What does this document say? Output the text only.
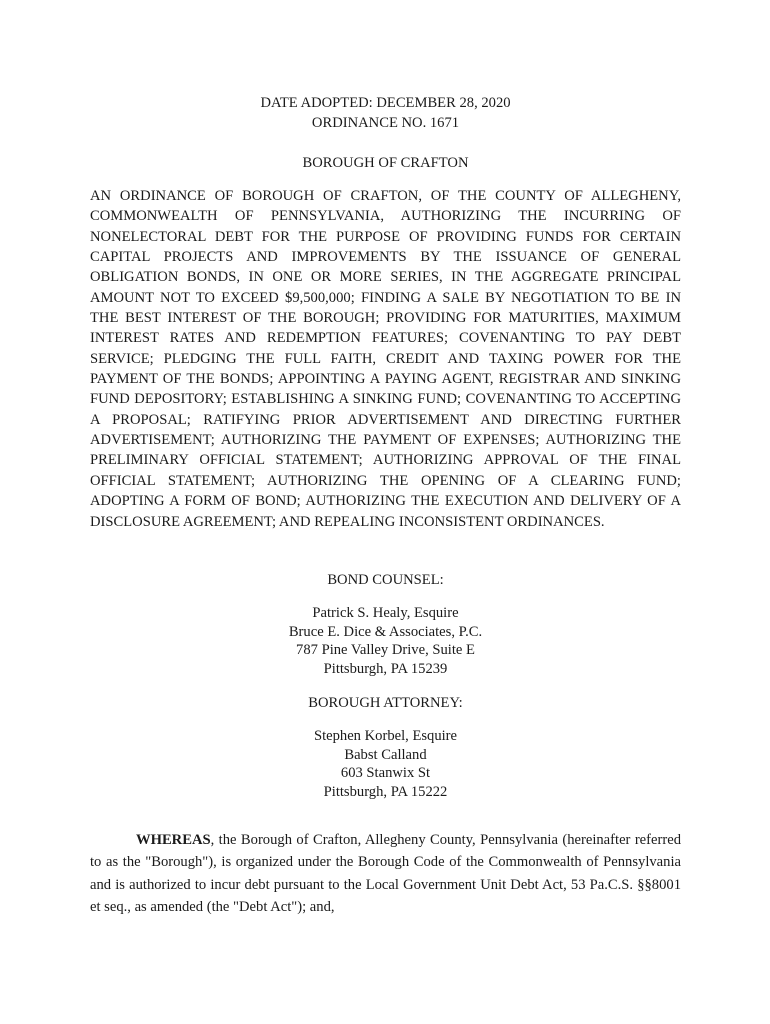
DATE ADOPTED: DECEMBER 28, 2020
ORDINANCE NO. 1671
BOROUGH OF CRAFTON

AN ORDINANCE OF BOROUGH OF CRAFTON, OF THE COUNTY OF ALLEGHENY, COMMONWEALTH OF PENNSYLVANIA, AUTHORIZING THE INCURRING OF NONELECTORAL DEBT FOR THE PURPOSE OF PROVIDING FUNDS FOR CERTAIN CAPITAL PROJECTS AND IMPROVEMENTS BY THE ISSUANCE OF GENERAL OBLIGATION BONDS, IN ONE OR MORE SERIES, IN THE AGGREGATE PRINCIPAL AMOUNT NOT TO EXCEED $9,500,000; FINDING A SALE BY NEGOTIATION TO BE IN THE BEST INTEREST OF THE BOROUGH; PROVIDING FOR MATURITIES, MAXIMUM INTEREST RATES AND REDEMPTION FEATURES; COVENANTING TO PAY DEBT SERVICE; PLEDGING THE FULL FAITH, CREDIT AND TAXING POWER FOR THE PAYMENT OF THE BONDS; APPOINTING A PAYING AGENT, REGISTRAR AND SINKING FUND DEPOSITORY; ESTABLISHING A SINKING FUND; COVENANTING TO ACCEPTING A PROPOSAL; RATIFYING PRIOR ADVERTISEMENT AND DIRECTING FURTHER ADVERTISEMENT; AUTHORIZING THE PAYMENT OF EXPENSES; AUTHORIZING THE PRELIMINARY OFFICIAL STATEMENT; AUTHORIZING APPROVAL OF THE FINAL OFFICIAL STATEMENT; AUTHORIZING THE OPENING OF A CLEARING FUND; ADOPTING A FORM OF BOND; AUTHORIZING THE EXECUTION AND DELIVERY OF A DISCLOSURE AGREEMENT; AND REPEALING INCONSISTENT ORDINANCES.

BOND COUNSEL:
Patrick S. Healy, Esquire
Bruce E. Dice & Associates, P.C.
787 Pine Valley Drive, Suite E
Pittsburgh, PA 15239
BOROUGH ATTORNEY:
Stephen Korbel, Esquire
Babst Calland
603 Stanwix St
Pittsburgh, PA 15222

WHEREAS, the Borough of Crafton, Allegheny County, Pennsylvania (hereinafter referred to as the "Borough"), is organized under the Borough Code of the Commonwealth of Pennsylvania and is authorized to incur debt pursuant to the Local Government Unit Debt Act, 53 Pa.C.S. §§8001 et seq., as amended (the "Debt Act"); and,
